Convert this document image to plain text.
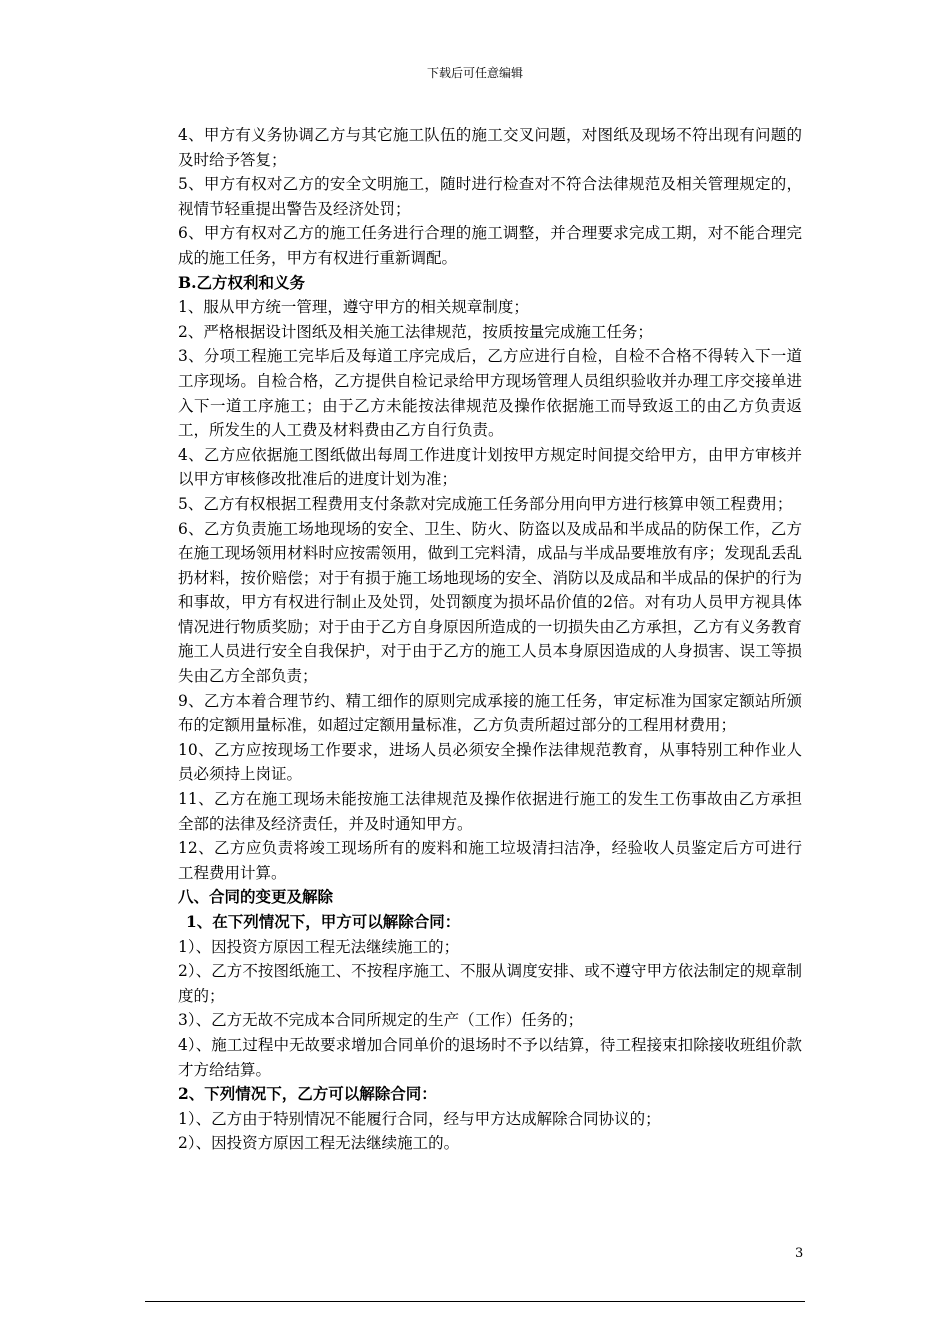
下载后可任意编辑

4、甲方有义务协调乙方与其它施工队伍的施工交叉问题，对图纸及现场不符出现有问题的及时给予答复；

5、甲方有权对乙方的安全文明施工，随时进行检查对不符合法律规范及相关管理规定的，视情节轻重提出警告及经济处罚；

6、甲方有权对乙方的施工任务进行合理的施工调整，并合理要求完成工期，对不能合理完成的施工任务，甲方有权进行重新调配。

B.乙方权利和义务

1、服从甲方统一管理，遵守甲方的相关规章制度；

2、严格根据设计图纸及相关施工法律规范，按质按量完成施工任务；

3、分项工程施工完毕后及每道工序完成后，乙方应进行自检，自检不合格不得转入下一道工序现场。自检合格，乙方提供自检记录给甲方现场管理人员组织验收并办理工序交接单进入下一道工序施工；由于乙方未能按法律规范及操作依据施工而导致返工的由乙方负责返工，所发生的人工费及材料费由乙方自行负责。

4、乙方应依据施工图纸做出每周工作进度计划按甲方规定时间提交给甲方，由甲方审核并以甲方审核修改批准后的进度计划为准；

5、乙方有权根据工程费用支付条款对完成施工任务部分用向甲方进行核算申领工程费用；

6、乙方负责施工场地现场的安全、卫生、防火、防盗以及成品和半成品的防保工作，乙方在施工现场领用材料时应按需领用，做到工完料清，成品与半成品要堆放有序；发现乱丢乱扔材料，按价赔偿；对于有损于施工场地现场的安全、消防以及成品和半成品的保护的行为和事故，甲方有权进行制止及处罚，处罚额度为损坏品价值的2倍。对有功人员甲方视具体情况进行物质奖励；对于由于乙方自身原因所造成的一切损失由乙方承担，乙方有义务教育施工人员进行安全自我保护，对于由于乙方的施工人员本身原因造成的人身损害、误工等损失由乙方全部负责；

9、乙方本着合理节约、精工细作的原则完成承接的施工任务，审定标准为国家定额站所颁布的定额用量标准，如超过定额用量标准，乙方负责所超过部分的工程用材费用；

10、乙方应按现场工作要求，进场人员必须安全操作法律规范教育，从事特别工种作业人员必须持上岗证。

11、乙方在施工现场未能按施工法律规范及操作依据进行施工的发生工伤事故由乙方承担全部的法律及经济责任，并及时通知甲方。

12、乙方应负责将竣工现场所有的废料和施工垃圾清扫洁净，经验收人员鉴定后方可进行工程费用计算。

八、合同的变更及解除

1、在下列情况下，甲方可以解除合同：

1）、因投资方原因工程无法继续施工的；

2）、乙方不按图纸施工、不按程序施工、不服从调度安排、或不遵守甲方依法制定的规章制度的；

3）、乙方无故不完成本合同所规定的生产（工作）任务的；

4）、施工过程中无故要求增加合同单价的退场时不予以结算，待工程接束扣除接收班组价款才方给结算。

2、下列情况下，乙方可以解除合同：

1）、乙方由于特别情况不能履行合同，经与甲方达成解除合同协议的；

2）、因投资方原因工程无法继续施工的。

3
